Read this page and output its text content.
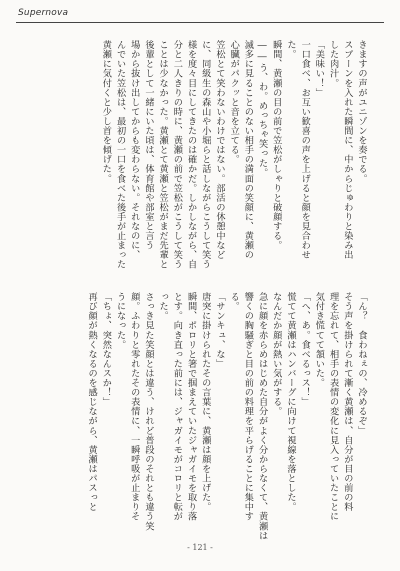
Supernova
きますの声がユニゾンを奏でる。
スプーンを入れた瞬間に、中からじゅわりと染み出
した肉汁。
「美味い！」
一口食べ、お互い歓喜の声を上げると顔を見合わせ
た。
瞬間、黄瀬の目の前で笠松がしゃりと破顔する。
――う、わ。めっちゃ笑った。
滅多に見ることのない相手の満面の笑顔に、黄瀬の
心臓がパクッと音を立てる。
笠松とて笑わないわけではない。部活の休憩中など
に、同級生の森山や小堀らと話しながらこうして笑う
様を度々目にしてきたのは確かだ。しかしながら、自
分と二人きりの時に、黄瀬の前で笠松がこうして笑う
ことは少なかった。黄瀬とて黄瀬と笠松がまだ先輩と
後輩として一緒にいた頃は、体育館や部室と言う
場から抜け出してからも変わらない。それなのに、
んでいた笠松は、最初の一口を食べた後手が止まった
黄瀬に気付くと少し首を傾げた。
「ん？　食わねぇの、冷めるぞ」
そう声を掛けられて漸く黄瀬は、自分が目の前の料
理を忘れて、相手の表情の変化に見入っていたことに
気付き慌てて頷いた。
「へ、あ。食べるっス！」
慌てて黄瀬はハンバーグに向けて視線を落とした。
なんだか顔が熱い気がする。
急に顔を赤らめはじめた自分がよく分からなくて、黄瀬は
響くの胸騒ぎと目の前の料理を平らげることに集中す
る。
「サンキュ、な」
唐突に掛けられたその言葉に、黄瀬は顔を上げた。
瞬間、ポロリと箸で掴まえていたジャガイモを取り落
とす。向き直った前には、ジャガイモがコロリと転が
った。
さっき見た笑顔とは違う、けれど普段のそれとも違う笑
顔。ふわりと零れたその表情に、一瞬呼吸が止まりそ
うになった。
「ちょ、突然なんスか！」
再び顔が熱くなるのを感じながら、黄瀬はパスっと
- 121 -
